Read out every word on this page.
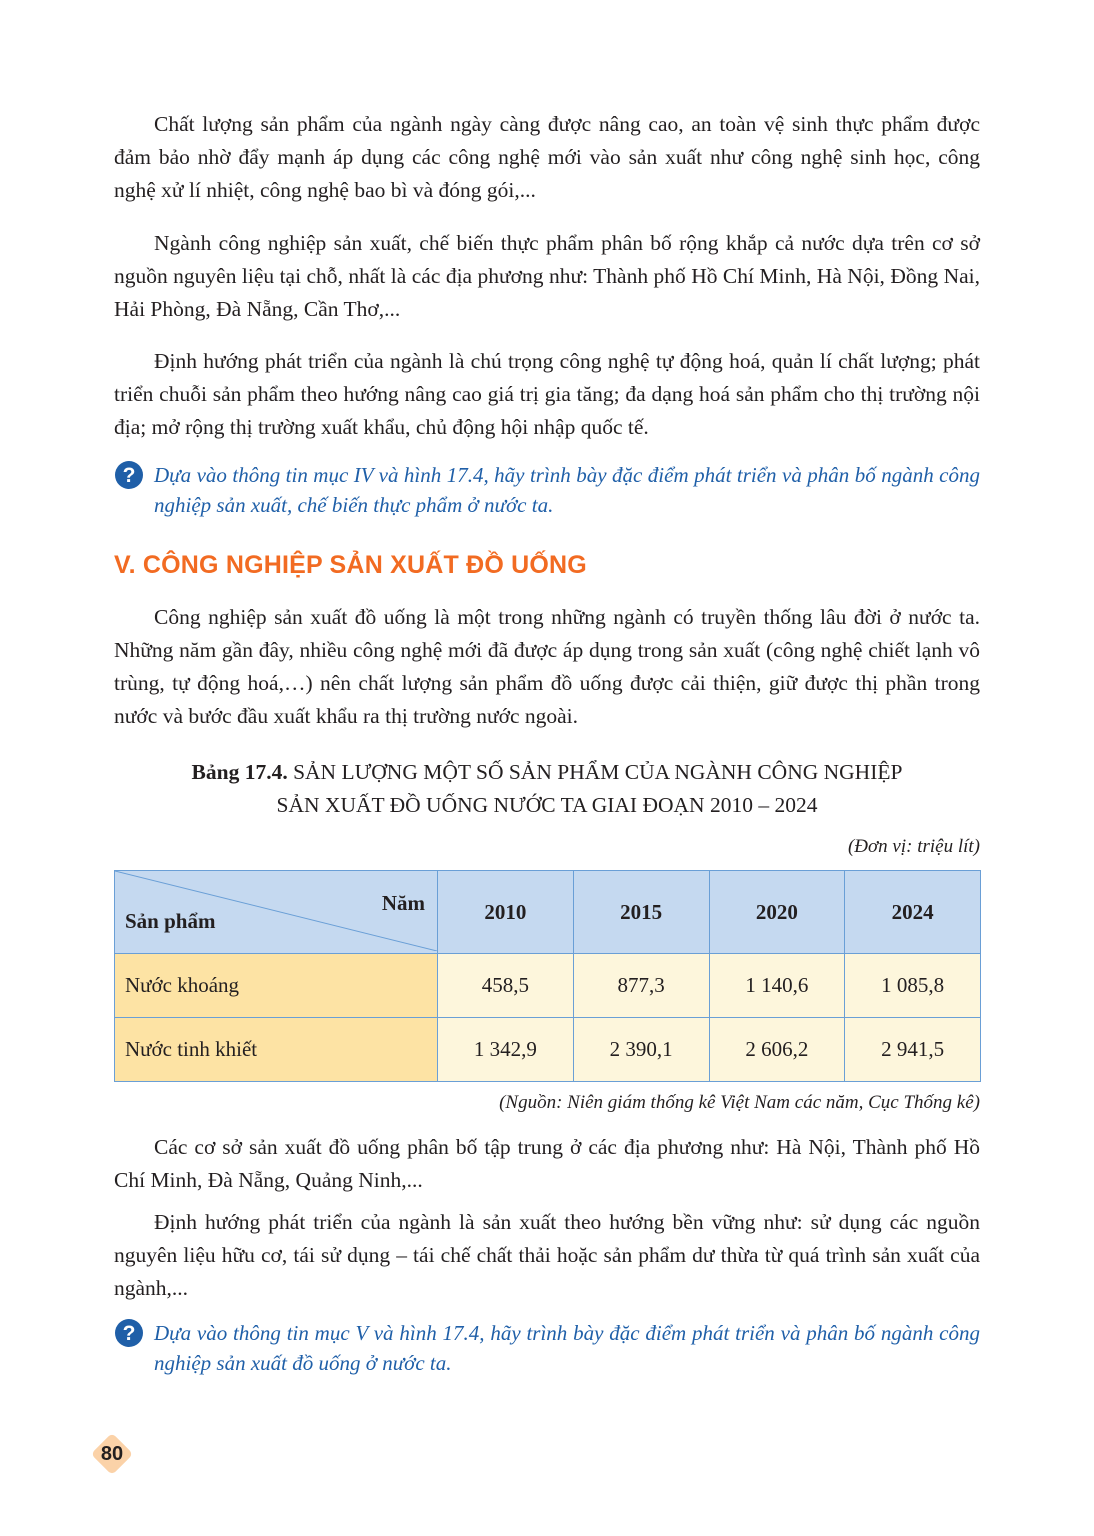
Chất lượng sản phẩm của ngành ngày càng được nâng cao, an toàn vệ sinh thực phẩm được đảm bảo nhờ đẩy mạnh áp dụng các công nghệ mới vào sản xuất như công nghệ sinh học, công nghệ xử lí nhiệt, công nghệ bao bì và đóng gói,...

Ngành công nghiệp sản xuất, chế biến thực phẩm phân bố rộng khắp cả nước dựa trên cơ sở nguồn nguyên liệu tại chỗ, nhất là các địa phương như: Thành phố Hồ Chí Minh, Hà Nội, Đồng Nai, Hải Phòng, Đà Nẵng, Cần Thơ,...

Định hướng phát triển của ngành là chú trọng công nghệ tự động hoá, quản lí chất lượng; phát triển chuỗi sản phẩm theo hướng nâng cao giá trị gia tăng; đa dạng hoá sản phẩm cho thị trường nội địa; mở rộng thị trường xuất khẩu, chủ động hội nhập quốc tế.

? Dựa vào thông tin mục IV và hình 17.4, hãy trình bày đặc điểm phát triển và phân bố ngành công nghiệp sản xuất, chế biến thực phẩm ở nước ta.

V. CÔNG NGHIỆP SẢN XUẤT ĐỒ UỐNG

Công nghiệp sản xuất đồ uống là một trong những ngành có truyền thống lâu đời ở nước ta. Những năm gần đây, nhiều công nghệ mới đã được áp dụng trong sản xuất (công nghệ chiết lạnh vô trùng, tự động hoá,…) nên chất lượng sản phẩm đồ uống được cải thiện, giữ được thị phần trong nước và bước đầu xuất khẩu ra thị trường nước ngoài.

Bảng 17.4. SẢN LƯỢNG MỘT SỐ SẢN PHẨM CỦA NGÀNH CÔNG NGHIỆP
SẢN XUẤT ĐỒ UỐNG NƯỚC TA GIAI ĐOẠN 2010 – 2024
(Đơn vị: triệu lít)
Năm
Sản phẩm	2010	2015	2020	2024
Nước khoáng	458,5	877,3	1 140,6	1 085,8
Nước tinh khiết	1 342,9	2 390,1	2 606,2	2 941,5
(Nguồn: Niên giám thống kê Việt Nam các năm, Cục Thống kê)

Các cơ sở sản xuất đồ uống phân bố tập trung ở các địa phương như: Hà Nội, Thành phố Hồ Chí Minh, Đà Nẵng, Quảng Ninh,...

Định hướng phát triển của ngành là sản xuất theo hướng bền vững như: sử dụng các nguồn nguyên liệu hữu cơ, tái sử dụng – tái chế chất thải hoặc sản phẩm dư thừa từ quá trình sản xuất của ngành,...

? Dựa vào thông tin mục V và hình 17.4, hãy trình bày đặc điểm phát triển và phân bố ngành công nghiệp sản xuất đồ uống ở nước ta.

80
